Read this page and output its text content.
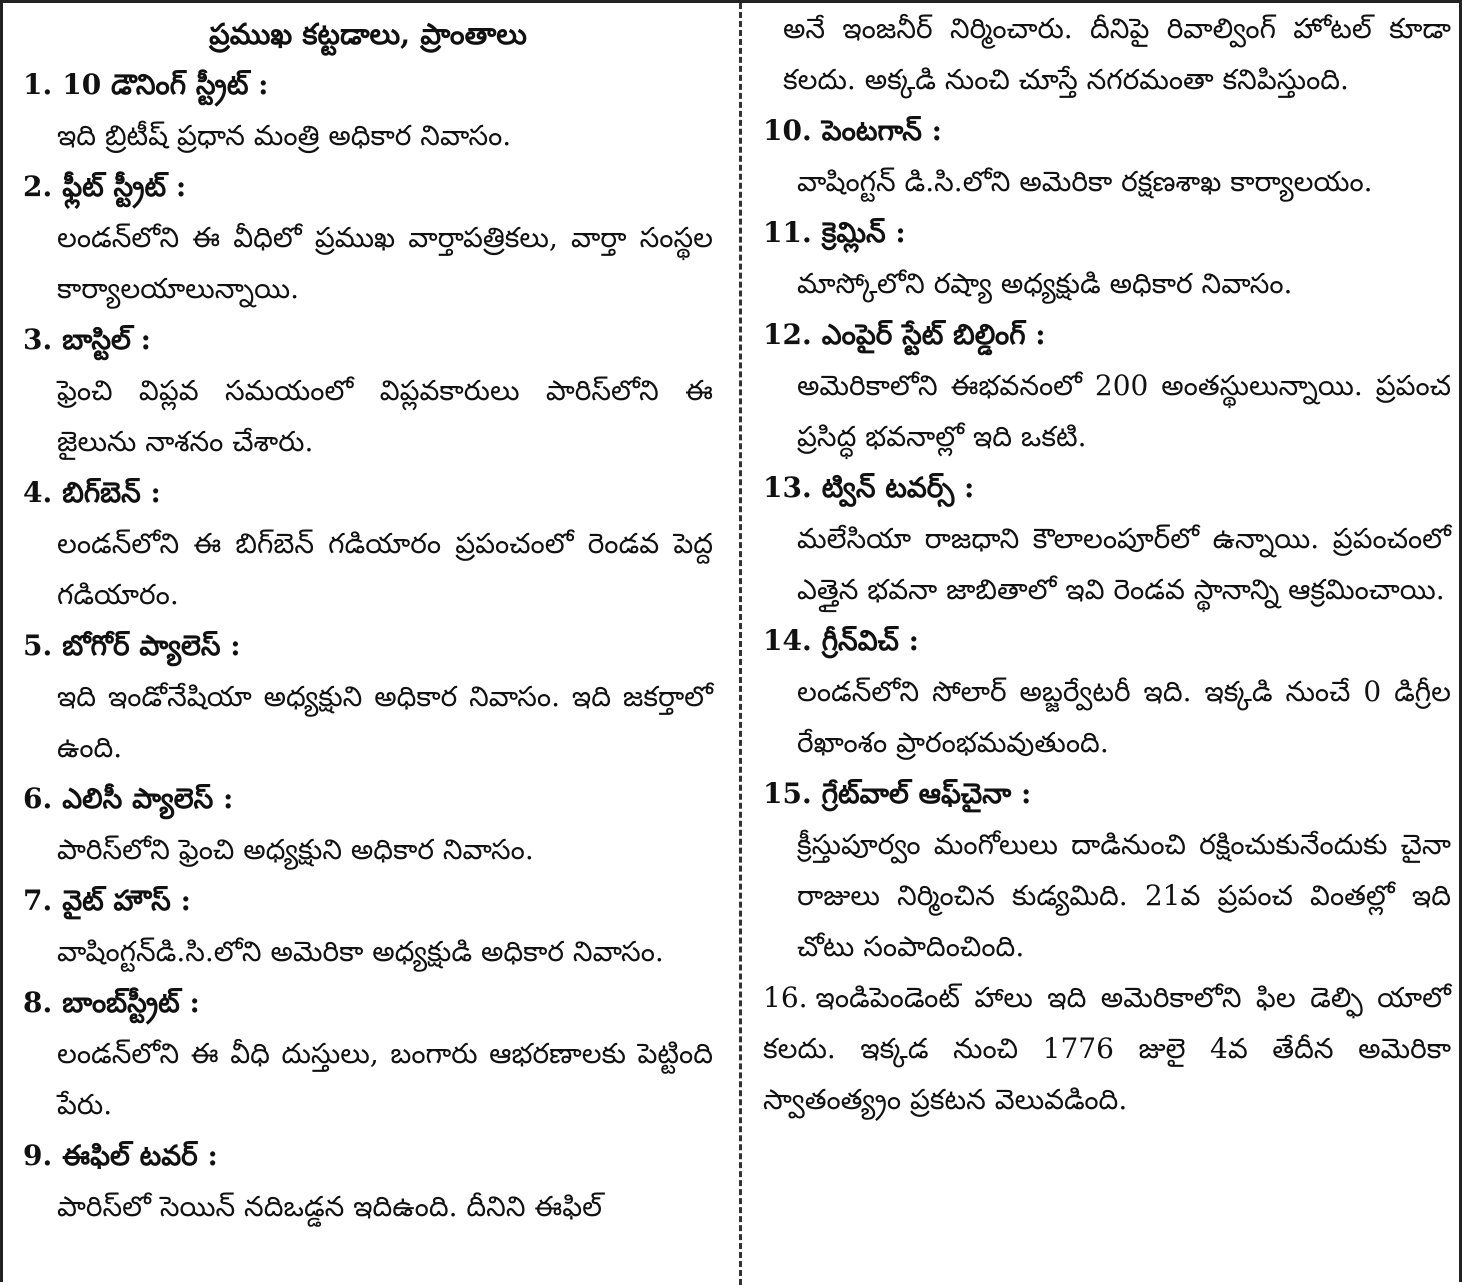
ప్రముఖ కట్టడాలు, ప్రాంతాలు
1. 10 డౌనింగ్ స్ట్రీట్ :
ఇది బ్రిటీష్ ప్రధాన మంత్రి అధికార నివాసం.
2. ఫ్లీట్ స్ట్రీట్ :
లండన్‌లోని ఈ వీధిలో ప్రముఖ వార్తాపత్రికలు, వార్తా సంస్థల కార్యాలయాలున్నాయి.
3. బాస్టిల్ :
ఫ్రెంచి విప్లవ సమయంలో విప్లవకారులు పారిస్‌లోని ఈ జైలును నాశనం చేశారు.
4. బిగ్‌బెన్ :
లండన్‌లోని ఈ బిగ్‌బెన్ గడియారం ప్రపంచంలో రెండవ పెద్ద గడియారం.
5. బోగోర్ ప్యాలెస్ :
ఇది ఇండోనేషియా అధ్యక్షుని అధికార నివాసం. ఇది జకర్తాలో ఉంది.
6. ఎలిసీ ప్యాలెస్ :
పారిస్‌లోని ఫ్రెంచి అధ్యక్షుని అధికార నివాసం.
7. వైట్ హౌస్ :
వాషింగ్టన్‌డి.సి.లోని అమెరికా అధ్యక్షుడి అధికార నివాసం.
8. బాంబ్‌స్ట్రీట్ :
లండన్‌లోని ఈ వీధి దుస్తులు, బంగారు ఆభరణాలకు పెట్టింది పేరు.
9. ఈఫిల్ టవర్ :
పారిస్‌లో సెయిన్ నదిఒడ్డన ఇదిఉంది. దీనిని ఈఫిల్
అనే ఇంజనీర్ నిర్మించారు. దీనిపై రివాల్వింగ్ హోటల్ కూడా కలదు. అక్కడి నుంచి చూస్తే నగరమంతా కనిపిస్తుంది.
10. పెంటగాన్ :
వాషింగ్టన్ డి.సి.లోని అమెరికా రక్షణశాఖ కార్యాలయం.
11. క్రెమ్లిన్ :
మాస్కోలోని రష్యా అధ్యక్షుడి అధికార నివాసం.
12. ఎంపైర్ స్టేట్ బిల్డింగ్ :
అమెరికాలోని ఈభవనంలో 200 అంతస్థులున్నాయి. ప్రపంచ ప్రసిద్ధ భవనాల్లో ఇది ఒకటి.
13. ట్విన్ టవర్స్ :
మలేసియా రాజధాని కౌలాలంపూర్‌లో ఉన్నాయి. ప్రపంచంలో ఎత్తైన భవనా జాబితాలో ఇవి రెండవ స్థానాన్ని ఆక్రమించాయి.
14. గ్రీన్‌విచ్ :
లండన్‌లోని సోలార్ అబ్జర్వేటరీ ఇది. ఇక్కడి నుంచే 0 డిగ్రీల రేఖాంశం ప్రారంభమవుతుంది.
15. గ్రేట్‌వాల్ ఆఫ్‌చైనా :
క్రీస్తుపూర్వం మంగోలులు దాడినుంచి రక్షించుకునేందుకు చైనా రాజులు నిర్మించిన కుడ్యమిది. 21వ ప్రపంచ వింతల్లో ఇది చోటు సంపాదించింది.
16. ఇండిపెండెంట్ హాలు ఇది అమెరికాలోని ఫిల డెల్ఫి యాలో కలదు. ఇక్కడ నుంచి 1776 జులై 4వ తేదీన అమెరికా స్వాతంత్య్రం ప్రకటన వెలువడింది.
